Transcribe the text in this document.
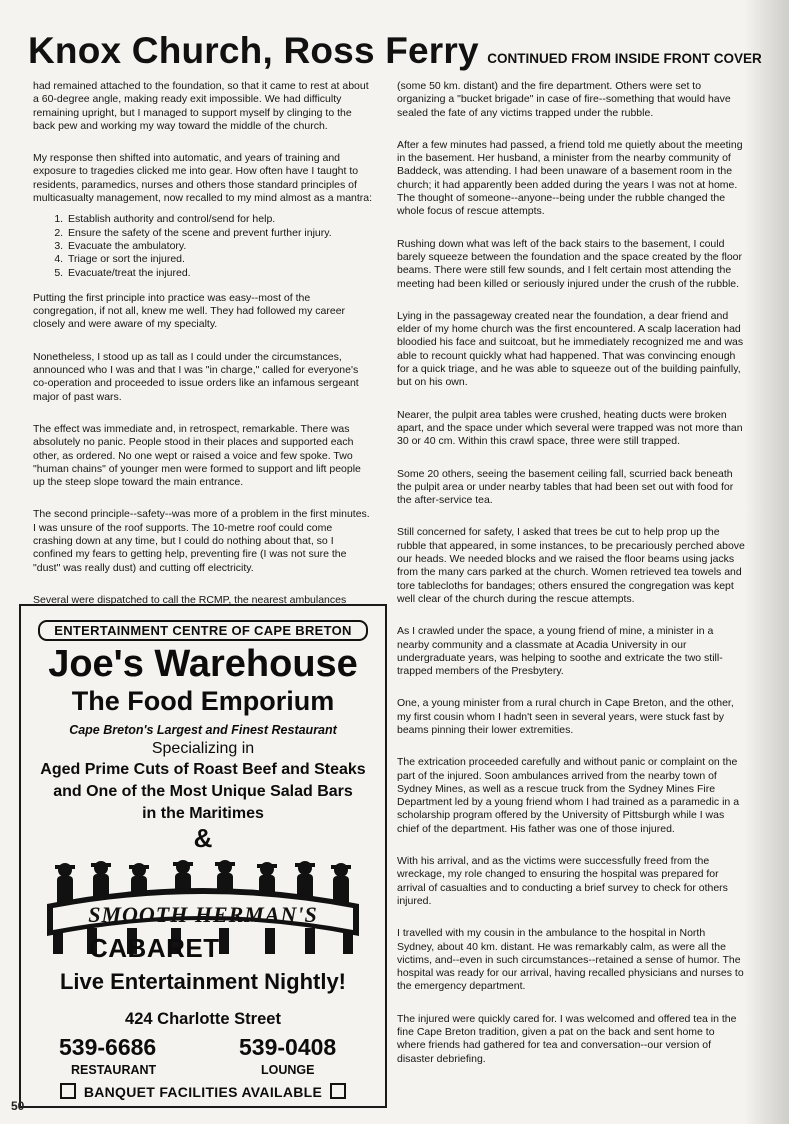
Knox Church, Ross Ferry CONTINUED FROM INSIDE FRONT COVER

had remained attached to the foundation, so that it came to rest at about a 60-degree angle, making ready exit impossible. We had difficulty remaining upright, but I managed to support myself by clinging to the back pew and working my way toward the middle of the church.

My response then shifted into automatic, and years of training and exposure to tragedies clicked me into gear. How often have I taught to residents, paramedics, nurses and others those standard principles of multicasualty management, now recalled to my mind almost as a mantra:

1. Establish authority and control/send for help.
2. Ensure the safety of the scene and prevent further injury.
3. Evacuate the ambulatory.
4. Triage or sort the injured.
5. Evacuate/treat the injured.

Putting the first principle into practice was easy--most of the congregation, if not all, knew me well. They had followed my career closely and were aware of my specialty.

Nonetheless, I stood up as tall as I could under the circumstances, announced who I was and that I was "in charge," called for everyone's co-operation and proceeded to issue orders like an infamous sergeant major of past wars.

The effect was immediate and, in retrospect, remarkable. There was absolutely no panic. People stood in their places and supported each other, as ordered. No one wept or raised a voice and few spoke. Two "human chains" of younger men were formed to support and lift people up the steep slope toward the main entrance.

The second principle--safety--was more of a problem in the first minutes. I was unsure of the roof supports. The 10-metre roof could come crashing down at any time, but I could do nothing about that, so I confined my fears to getting help, preventing fire (I was not sure the "dust" was really dust) and cutting off electricity.

Several were dispatched to call the RCMP, the nearest ambulances

(some 50 km. distant) and the fire department. Others were set to organizing a "bucket brigade" in case of fire--something that would have sealed the fate of any victims trapped under the rubble.

After a few minutes had passed, a friend told me quietly about the meeting in the basement. Her husband, a minister from the nearby community of Baddeck, was attending. I had been unaware of a basement room in the church; it had apparently been added during the years I was not at home. The thought of someone--anyone--being under the rubble changed the whole focus of rescue attempts.

Rushing down what was left of the back stairs to the basement, I could barely squeeze between the foundation and the space created by the floor beams. There were still few sounds, and I felt certain most attending the meeting had been killed or seriously injured under the crush of the rubble.

Lying in the passageway created near the foundation, a dear friend and elder of my home church was the first encountered. A scalp laceration had bloodied his face and suitcoat, but he immediately recognized me and was able to recount quickly what had happened. That was convincing enough for a quick triage, and he was able to squeeze out of the building painfully, but on his own.

Nearer, the pulpit area tables were crushed, heating ducts were broken apart, and the space under which several were trapped was not more than 30 or 40 cm. Within this crawl space, three were still trapped.

Some 20 others, seeing the basement ceiling fall, scurried back beneath the pulpit area or under nearby tables that had been set out with food for the after-service tea.

Still concerned for safety, I asked that trees be cut to help prop up the rubble that appeared, in some instances, to be precariously perched above our heads. We needed blocks and we raised the floor beams using jacks from the many cars parked at the church. Women retrieved tea towels and tore tablecloths for bandages; others ensured the congregation was kept well clear of the church during the rescue attempts.

As I crawled under the space, a young friend of mine, a minister in a nearby community and a classmate at Acadia University in our undergraduate years, was helping to soothe and extricate the two still-trapped members of the Presbytery.

One, a young minister from a rural church in Cape Breton, and the other, my first cousin whom I hadn't seen in several years, were stuck fast by beams pinning their lower extremities.

The extrication proceeded carefully and without panic or complaint on the part of the injured. Soon ambulances arrived from the nearby town of Sydney Mines, as well as a rescue truck from the Sydney Mines Fire Department led by a young friend whom I had trained as a paramedic in a scholarship program offered by the University of Pittsburgh while I was chief of the department. His father was one of those injured.

With his arrival, and as the victims were successfully freed from the wreckage, my role changed to ensuring the hospital was prepared for arrival of casualties and to conducting a brief survey to check for others injured.

I travelled with my cousin in the ambulance to the hospital in North Sydney, about 40 km. distant. He was remarkably calm, as were all the victims, and--even in such circumstances--retained a sense of humor. The hospital was ready for our arrival, having recalled physicians and nurses to the emergency department.

The injured were quickly cared for. I was welcomed and offered tea in the fine Cape Breton tradition, given a pat on the back and sent home to where friends had gathered for tea and conversation--our version of disaster debriefing.

ENTERTAINMENT CENTRE OF CAPE BRETON
Joe's Warehouse
The Food Emporium
Cape Breton's Largest and Finest Restaurant
Specializing in
Aged Prime Cuts of Roast Beef and Steaks
and One of the Most Unique Salad Bars
in the Maritimes
&
SMOOTH HERMAN'S
CABARET
Live Entertainment Nightly!
424 Charlotte Street
539-6686	539-0408
RESTAURANT	LOUNGE
BANQUET FACILITIES AVAILABLE
50
